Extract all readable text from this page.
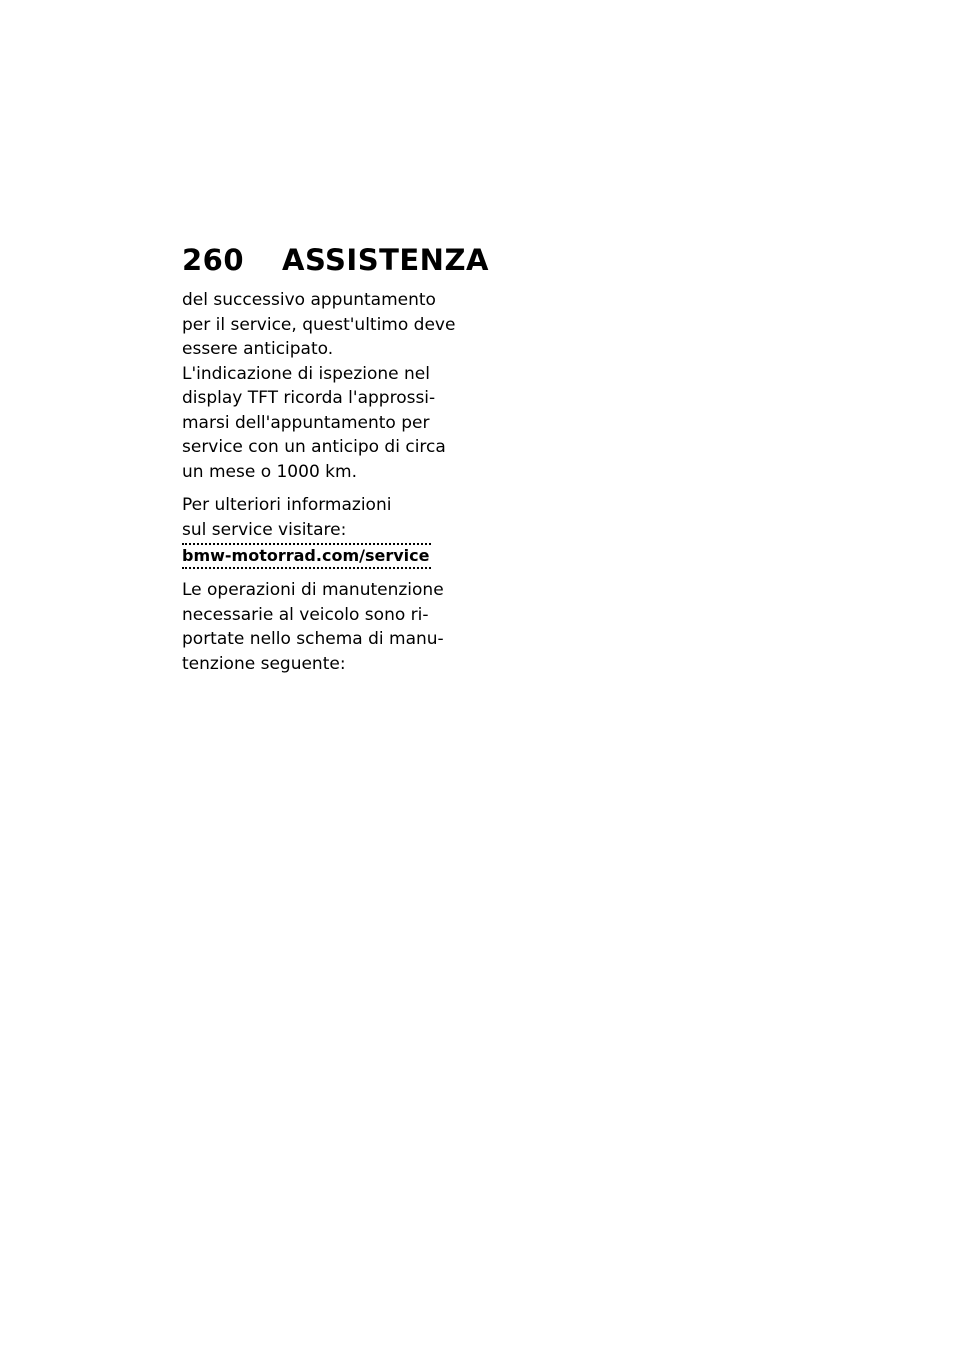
260 ASSISTENZA
del successivo appuntamento
per il service, quest'ultimo deve
essere anticipato.
L'indicazione di ispezione nel
display TFT ricorda l'approssi-
marsi dell'appuntamento per
service con un anticipo di circa
un mese o 1000 km.
Per ulteriori informazioni
sul service visitare:
bmw-motorrad.com/service
Le operazioni di manutenzione
necessarie al veicolo sono ri-
portate nello schema di manu-
tenzione seguente:
